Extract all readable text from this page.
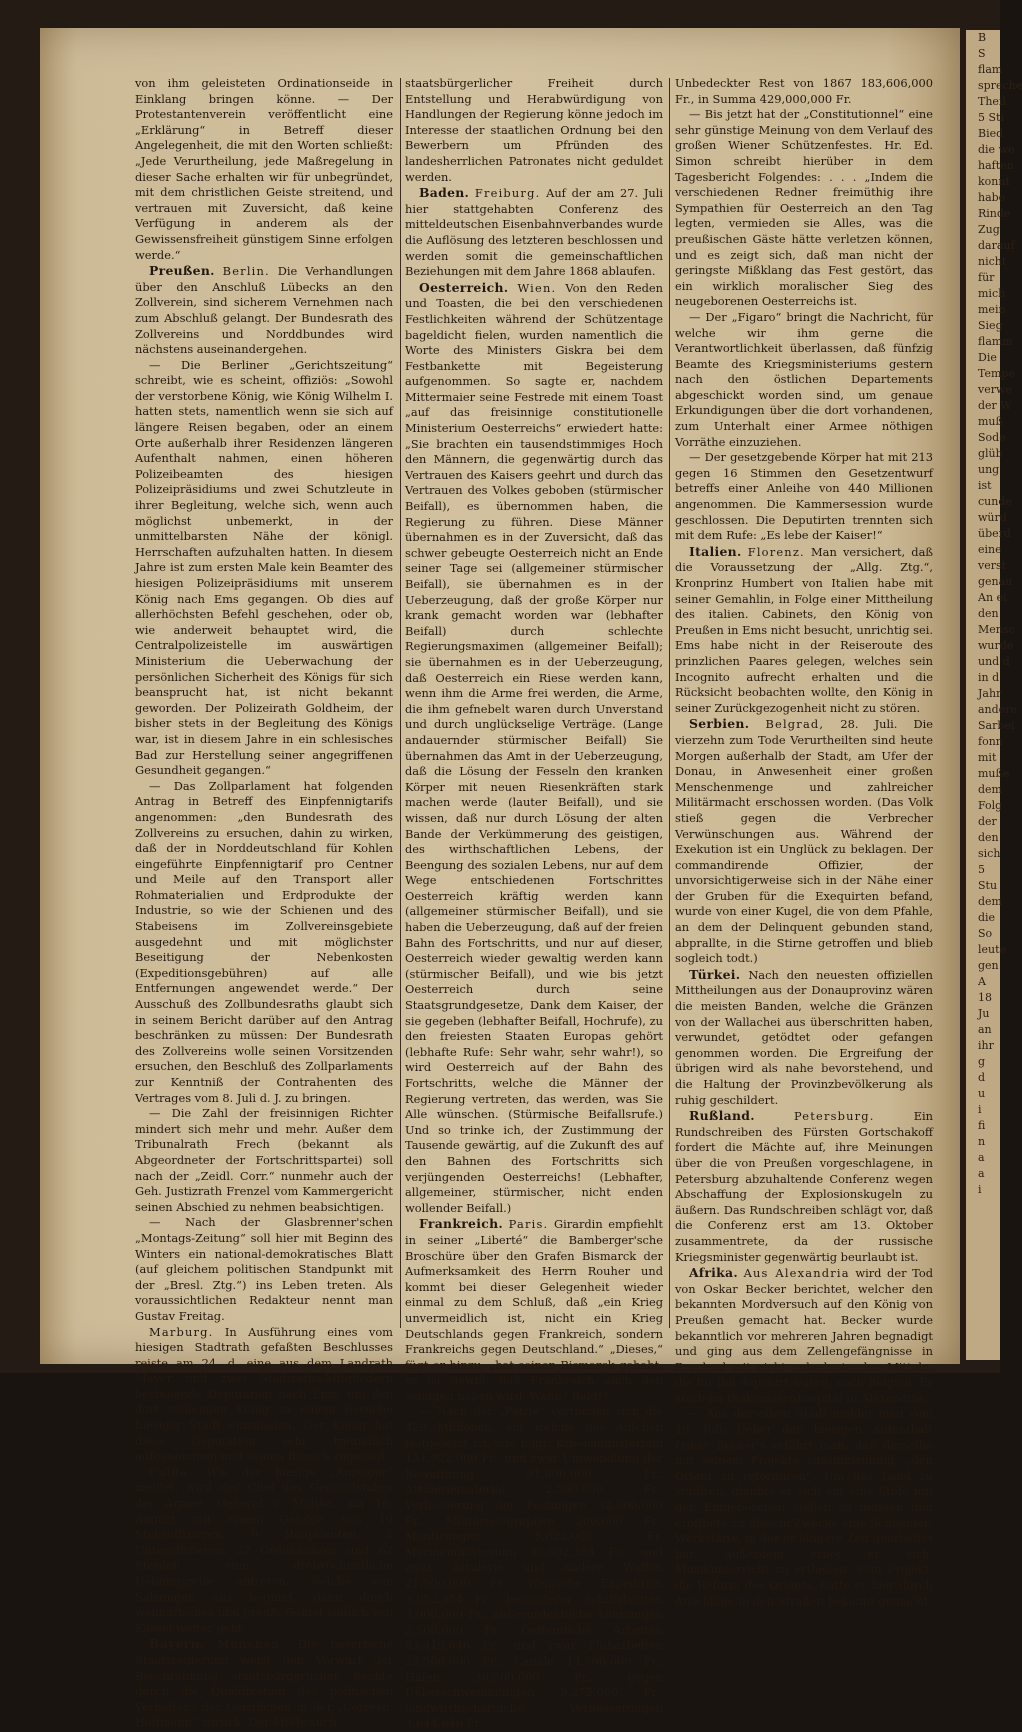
von ihm geleisteten Ordinationseide in Einklang bringen könne. — Der Protestantenverein veröffentlicht eine „Erklärung“ in Betreff dieser Angelegenheit, die mit den Worten schließt: „Jede Verurtheilung, jede Maßregelung in dieser Sache erhalten wir für unbegründet, mit dem christlichen Geiste streitend, und vertrauen mit Zuversicht, daß keine Verfügung in anderem als der Gewissensfreiheit günstigem Sinne erfolgen werde.“

Preußen. Berlin. Die Verhandlungen über den Anschluß Lübecks an den Zollverein, sind sicherem Vernehmen nach zum Abschluß gelangt. Der Bundesrath des Zollvereins und Norddbundes wird nächstens auseinandergehen.

— Die Berliner „Gerichtszeitung“ schreibt, wie es scheint, offiziös: „Sowohl der verstorbene König, wie König Wilhelm I. hatten stets, namentlich wenn sie sich auf längere Reisen begaben, oder an einem Orte außerhalb ihrer Residenzen längeren Aufenthalt nahmen, einen höheren Polizeibeamten des hiesigen Polizeipräsidiums und zwei Schutzleute in ihrer Begleitung, welche sich, wenn auch möglichst unbemerkt, in der unmittelbarsten Nähe der königl. Herrschaften aufzuhalten hatten. In diesem Jahre ist zum ersten Male kein Beamter des hiesigen Polizeipräsidiums mit unserem König nach Ems gegangen. Ob dies auf allerhöchsten Befehl geschehen, oder ob, wie anderweit behauptet wird, die Centralpolizeistelle im auswärtigen Ministerium die Ueberwachung der persönlichen Sicherheit des Königs für sich beansprucht hat, ist nicht bekannt geworden. Der Polizeirath Goldheim, der bisher stets in der Begleitung des Königs war, ist in diesem Jahre in ein schlesisches Bad zur Herstellung seiner angegriffenen Gesundheit gegangen.“

— Das Zollparlament hat folgenden Antrag in Betreff des Einpfennigtarifs angenommen: „den Bundesrath des Zollvereins zu ersuchen, dahin zu wirken, daß der in Norddeutschland für Kohlen eingeführte Einpfennigtarif pro Centner und Meile auf den Transport aller Rohmaterialien und Erdprodukte der Industrie, so wie der Schienen und des Stabeisens im Zollvereinsgebiete ausgedehnt und mit möglichster Beseitigung der Nebenkosten (Expeditionsgebühren) auf alle Entfernungen angewendet werde.“ Der Ausschuß des Zollbundesraths glaubt sich in seinem Bericht darüber auf den Antrag beschränken zu müssen: Der Bundesrath des Zollvereins wolle seinen Vorsitzenden ersuchen, den Beschluß des Zollparlaments zur Kenntniß der Contrahenten des Vertrages vom 8. Juli d. J. zu bringen.

— Die Zahl der freisinnigen Richter mindert sich mehr und mehr. Außer dem Tribunalrath Frech (bekannt als Abgeordneter der Fortschrittspartei) soll nach der „Zeidl. Corr.“ nunmehr auch der Geh. Justizrath Frenzel vom Kammergericht seinen Abschied zu nehmen beabsichtigen.

— Nach der Glasbrenner'schen „Montags-Zeitung“ soll hier mit Beginn des Winters ein national-demokratisches Blatt (auf gleichem politischen Standpunkt mit der „Bresl. Ztg.“) ins Leben treten. Als voraussichtlichen Redakteur nennt man Gustav Freitag.

Marburg. In Ausführung eines vom hiesigen Stadtrath gefaßten Beschlusses reiste am 24. d. eine aus dem Landrath Mayer und zwei Stadtraths-Mitgliedern bestehende Deputation nach Ems, um den dort weilenden König zu einem Besuche hiesiger Stadt einzuladen. Der König hat diese Deputation sehr freundlich aufgenommen und seinen Besuch zugesagt.

Fulda. Wie der hiesige „Anzeiger“ meldet, wird der Chef des Generalstabes der Armee, General v. Moltke, am 16. August mit einem Gefolge von 16 Stabsoffizieren, 9 Hauptleuten, 2 Unteroffizieren, 32 Ordonnanzen und 62 Pferden eine dreiwöchentliche Uebungsreise antreten, welche von Salzungen aus beginnt, dann durch weimarisches und preuß. Gebiet südlich von Kassel weiter geht.

Bayern. München. Die bayerische Staatsregierung weist den Vorwurf der Beschränkung staatsbürgerlicher Rechte durch die Qualifikation des politischen Verhaltens der Geistlichen in der „Corresp. Hoffmann“ zurück. Der Mißbrauch

staatsbürgerlicher Freiheit durch Entstellung und Herabwürdigung von Handlungen der Regierung könne jedoch im Interesse der staatlichen Ordnung bei den Bewerbern um Pfründen des landesherrlichen Patronates nicht geduldet werden.

Baden. Freiburg. Auf der am 27. Juli hier stattgehabten Conferenz des mitteldeutschen Eisenbahnverbandes wurde die Auflösung des letzteren beschlossen und werden somit die gemeinschaftlichen Beziehungen mit dem Jahre 1868 ablaufen.

Oesterreich. Wien. Von den Reden und Toasten, die bei den verschiedenen Festlichkeiten während der Schützentage bageldicht fielen, wurden namentlich die Worte des Ministers Giskra bei dem Festbankette mit Begeisterung aufgenommen. So sagte er, nachdem Mittermaier seine Festrede mit einem Toast „auf das freisinnige constitutionelle Ministerium Oesterreichs“ erwiedert hatte: „Sie brachten ein tausendstimmiges Hoch den Männern, die gegenwärtig durch das Vertrauen des Kaisers geehrt und durch das Vertrauen des Volkes geboben (stürmischer Beifall), es übernommen haben, die Regierung zu führen. Diese Männer übernahmen es in der Zuversicht, daß das schwer gebeugte Oesterreich nicht an Ende seiner Tage sei (allgemeiner stürmischer Beifall), sie übernahmen es in der Ueberzeugung, daß der große Körper nur krank gemacht worden war (lebhafter Beifall) durch schlechte Regierungsmaximen (allgemeiner Beifall); sie übernahmen es in der Ueberzeugung, daß Oesterreich ein Riese werden kann, wenn ihm die Arme frei werden, die Arme, die ihm gefnebelt waren durch Unverstand und durch unglückselige Verträge. (Lange andauernder stürmischer Beifall) Sie übernahmen das Amt in der Ueberzeugung, daß die Lösung der Fesseln den kranken Körper mit neuen Riesenkräften stark machen werde (lauter Beifall), und sie wissen, daß nur durch Lösung der alten Bande der Verkümmerung des geistigen, des wirthschaftlichen Lebens, der Beengung des sozialen Lebens, nur auf dem Wege entschiedenen Fortschrittes Oesterreich kräftig werden kann (allgemeiner stürmischer Beifall), und sie haben die Ueberzeugung, daß auf der freien Bahn des Fortschritts, und nur auf dieser, Oesterreich wieder gewaltig werden kann (stürmischer Beifall), und wie bis jetzt Oesterreich durch seine Staatsgrundgesetze, Dank dem Kaiser, der sie gegeben (lebhafter Beifall, Hochrufe), zu den freiesten Staaten Europas gehört (lebhafte Rufe: Sehr wahr, sehr wahr!), so wird Oesterreich auf der Bahn des Fortschritts, welche die Männer der Regierung vertreten, das werden, was Sie Alle wünschen. (Stürmische Beifallsrufe.) Und so trinke ich, der Zustimmung der Tausende gewärtig, auf die Zukunft des auf den Bahnen des Fortschritts sich verjüngenden Oesterreichs! (Lebhafter, allgemeiner, stürmischer, nicht enden wollender Beifall.)

Frankreich. Paris. Girardin empfiehlt in seiner „Liberté“ die Bamberger'sche Broschüre über den Grafen Bismarck der Aufmerksamkeit des Herrn Rouher und kommt bei dieser Gelegenheit wieder einmal zu dem Schluß, daß „ein Krieg unvermeidlich ist, nicht ein Krieg Deutschlands gegen Frankreich, sondern Frankreichs gegen Deutschland.“ „Dieses,“ fügt er hinzu, „hat seinen Bismarck gehabt; es ist gewiß, daß Frankreich auch den seinigen haben wird. Wann? Bald!“

— Nach der „Patrie“ vertheilen sich die 429 Millionen, auf welche das Anlehen festgesetzt ist, wie folgt: Kriegsministerium 131,922,000 Fr., und zwar Umwandlung der Bewaffnung 91,600,000 Fr., Artilleriematerial 2,500,000 Fr., Verbesserung der Festungen 32,000,000 Fr., Militärtelegraphen 200,000 Fr., Montirungen 5,622,000 Fr. Marineministerium 30,052,354 Fr., und zwar Artillerie und andere Waffen 21,500,000 Fr., römische Expedition 3,052,354 Fr., besonderer Schiffsbauten 3,000,000 Fr., außerordentliche Löhnungen 2,500,000 Fr. Oeffentliche Arbeiten 83,419,646 Fr., und zwar Flußarbeiten 25,500,000 Fr., Canäle 14,500,000 Fr., Häfen 30,500,000 Fr., gegen Ueberschwemmungen 9,275,000 Fr., landwirthschaftliche Verbesserungen 3,644,646 Fr.

Unbedeckter Rest von 1867 183,606,000 Fr., in Summa 429,000,000 Fr.

— Bis jetzt hat der „Constitutionnel“ eine sehr günstige Meinung von dem Verlauf des großen Wiener Schützenfestes. Hr. Ed. Simon schreibt hierüber in dem Tagesbericht Folgendes: . . . „Indem die verschiedenen Redner freimüthig ihre Sympathien für Oesterreich an den Tag legten, vermieden sie Alles, was die preußischen Gäste hätte verletzen können, und es zeigt sich, daß man nicht der geringste Mißklang das Fest gestört, das ein wirklich moralischer Sieg des neugeborenen Oesterreichs ist.

— Der „Figaro“ bringt die Nachricht, für welche wir ihm gerne die Verantwortlichkeit überlassen, daß fünfzig Beamte des Kriegsministeriums gestern nach den östlichen Departements abgeschickt worden sind, um genaue Erkundigungen über die dort vorhandenen, zum Unterhalt einer Armee nöthigen Vorräthe einzuziehen.

— Der gesetzgebende Körper hat mit 213 gegen 16 Stimmen den Gesetzentwurf betreffs einer Anleihe von 440 Millionen angenommen. Die Kammersession wurde geschlossen. Die Deputirten trennten sich mit dem Rufe: „Es lebe der Kaiser!“

Italien. Florenz. Man versichert, daß die Voraussetzung der „Allg. Ztg.“, Kronprinz Humbert von Italien habe mit seiner Gemahlin, in Folge einer Mittheilung des italien. Cabinets, den König von Preußen in Ems nicht besucht, unrichtig sei. Ems habe nicht in der Reiseroute des prinzlichen Paares gelegen, welches sein Incognito aufrecht erhalten und die Rücksicht beobachten wollte, den König in seiner Zurückgezogenheit nicht zu stören.

Serbien. Belgrad, 28. Juli. Die vierzehn zum Tode Verurtheilten sind heute Morgen außerhalb der Stadt, am Ufer der Donau, in Anwesenheit einer großen Menschenmenge und zahlreicher Militärmacht erschossen worden. (Das Volk stieß gegen die Verbrecher Verwünschungen aus. Während der Exekution ist ein Unglück zu beklagen. Der commandirende Offizier, der unvorsichtigerweise sich in der Nähe einer der Gruben für die Exequirten befand, wurde von einer Kugel, die von dem Pfahle, an dem der Delinquent gebunden stand, abprallte, in die Stirne getroffen und blieb sogleich todt.)

Türkei. Nach den neuesten offiziellen Mittheilungen aus der Donauprovinz wären die meisten Banden, welche die Gränzen von der Wallachei aus überschritten haben, verwundet, getödtet oder gefangen genommen worden. Die Ergreifung der übrigen wird als nahe bevorstehend, und die Haltung der Provinzbevölkerung als ruhig geschildert.

Rußland.	Petersburg.	Ein Rundschreiben des Fürsten Gortschakoff fordert die Mächte auf, ihre Meinungen über die von Preußen vorgeschlagene, in Petersburg abzuhaltende Conferenz wegen Abschaffung der Explosionskugeln zu äußern. Das Rundschreiben schlägt vor, daß die Conferenz erst am 13. Oktober zusammentrete, da der russische Kriegsminister gegenwärtig beurlaubt ist.

Afrika. Aus Alexandria wird der Tod von Oskar Becker berichtet, welcher den bekannten Mordversuch auf den König von Preußen gemacht hat. Becker wurde bekanntlich vor mehreren Jahren begnadigt und ging aus dem Zellengefängnisse in Bruchsal mit nicht unbedeutenden Mitteln, die für ihn deponirt waren, nach Belgien. Er starb im Diakonissenhospital in Alexandria.

— Aus derselben Stadt meldet man vom 19. Juli: Ueber den hiesigen Aufenthalt Oskar Becker's erfährt man, daß derselbe mit seinem Projekte zusammenhing, „den Orient zu reformiren“. Um das Land zu studiren, glaubte er sich auf eine Stufe mit den Eingeborenen stellen zu müssen und eröffnete zu diesem Zwecke eine Schneider-Werkstätte, in der er längere Zeit gearbeitet hat. Außerdem erbot er sich, Musikunterricht zu ertheilen. Sein Projekt, die Reform des Orients, hatte er hier durch Anschläge in den Straßen bekannt gemacht.

B

S

flam

spreche

Theil

5 Sti

Bied

die we

haften

konnt

habe

Rinde

Zug

darauf

nicht

für

mich

mein

Sieg

flamm

Die

Tempe

verwe

der W

muß

Sode

glüb

ung

ist

cunde

würd

überd

eine

verst

genau

An ei

den

Mensc

wurde

und d

in d

Jahr

andere

Sarbei

fonn

mit

muße

dem

Folg

der

den

sich

5

Stu

dem

die

So

leute

gen

A

18

Ju

an

ihr

g

d

u

i

fi

n

a

a

i
